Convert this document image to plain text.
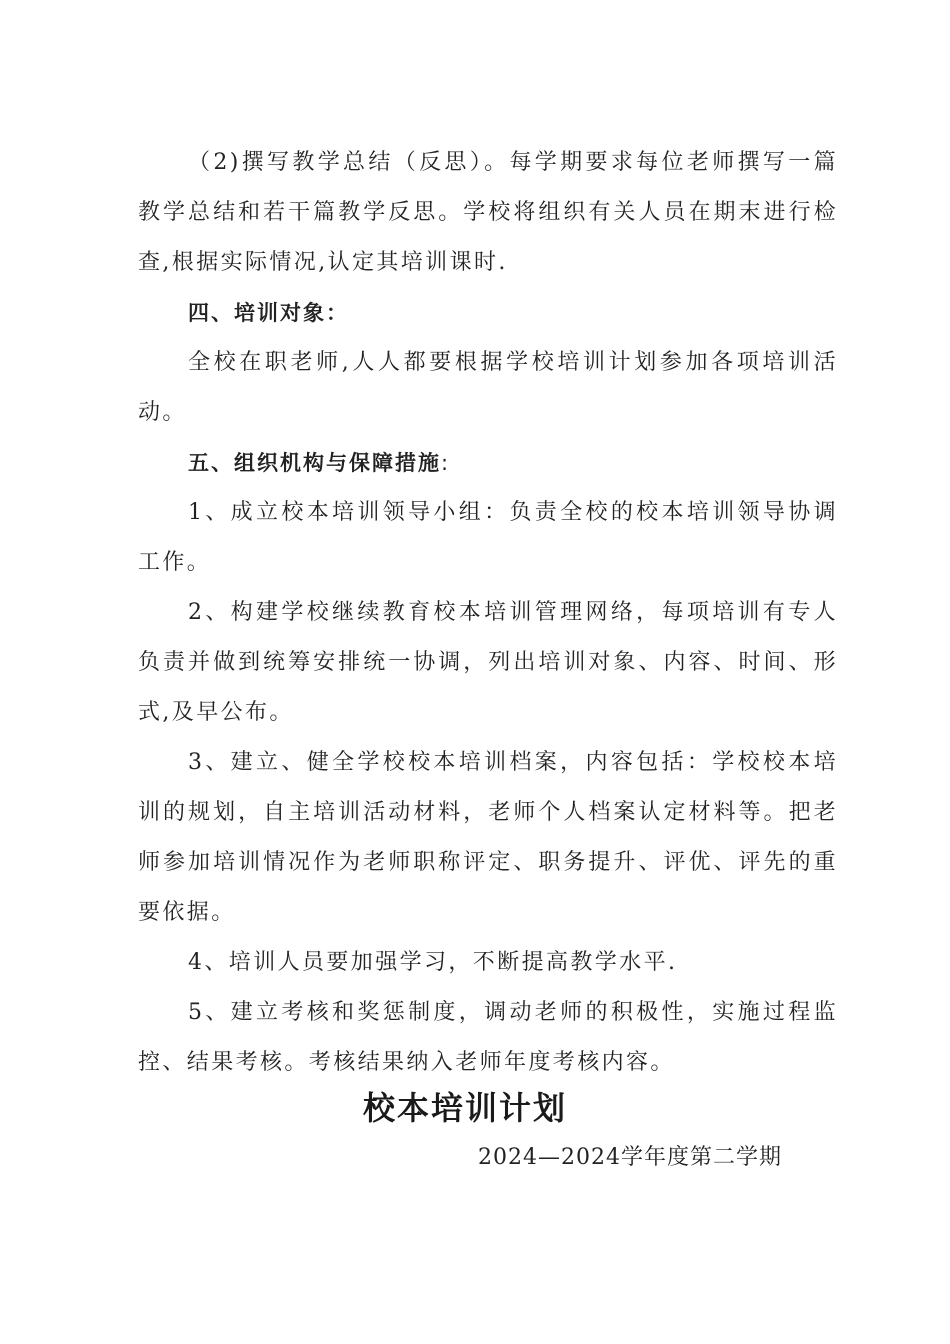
（2)撰写教学总结（反思）。每学期要求每位老师撰写一篇教学总结和若干篇教学反思。学校将组织有关人员在期末进行检查,根据实际情况,认定其培训课时.

四、培训对象：

全校在职老师,人人都要根据学校培训计划参加各项培训活动。

五、组织机构与保障措施:

1、成立校本培训领导小组：负责全校的校本培训领导协调工作。

2、构建学校继续教育校本培训管理网络，每项培训有专人负责并做到统筹安排统一协调，列出培训对象、内容、时间、形式,及早公布。

3、建立、健全学校校本培训档案，内容包括：学校校本培训的规划，自主培训活动材料，老师个人档案认定材料等。把老师参加培训情况作为老师职称评定、职务提升、评优、评先的重要依据。

4、培训人员要加强学习，不断提高教学水平.

5、建立考核和奖惩制度，调动老师的积极性，实施过程监控、结果考核。考核结果纳入老师年度考核内容。

校本培训计划
2024—2024学年度第二学期
